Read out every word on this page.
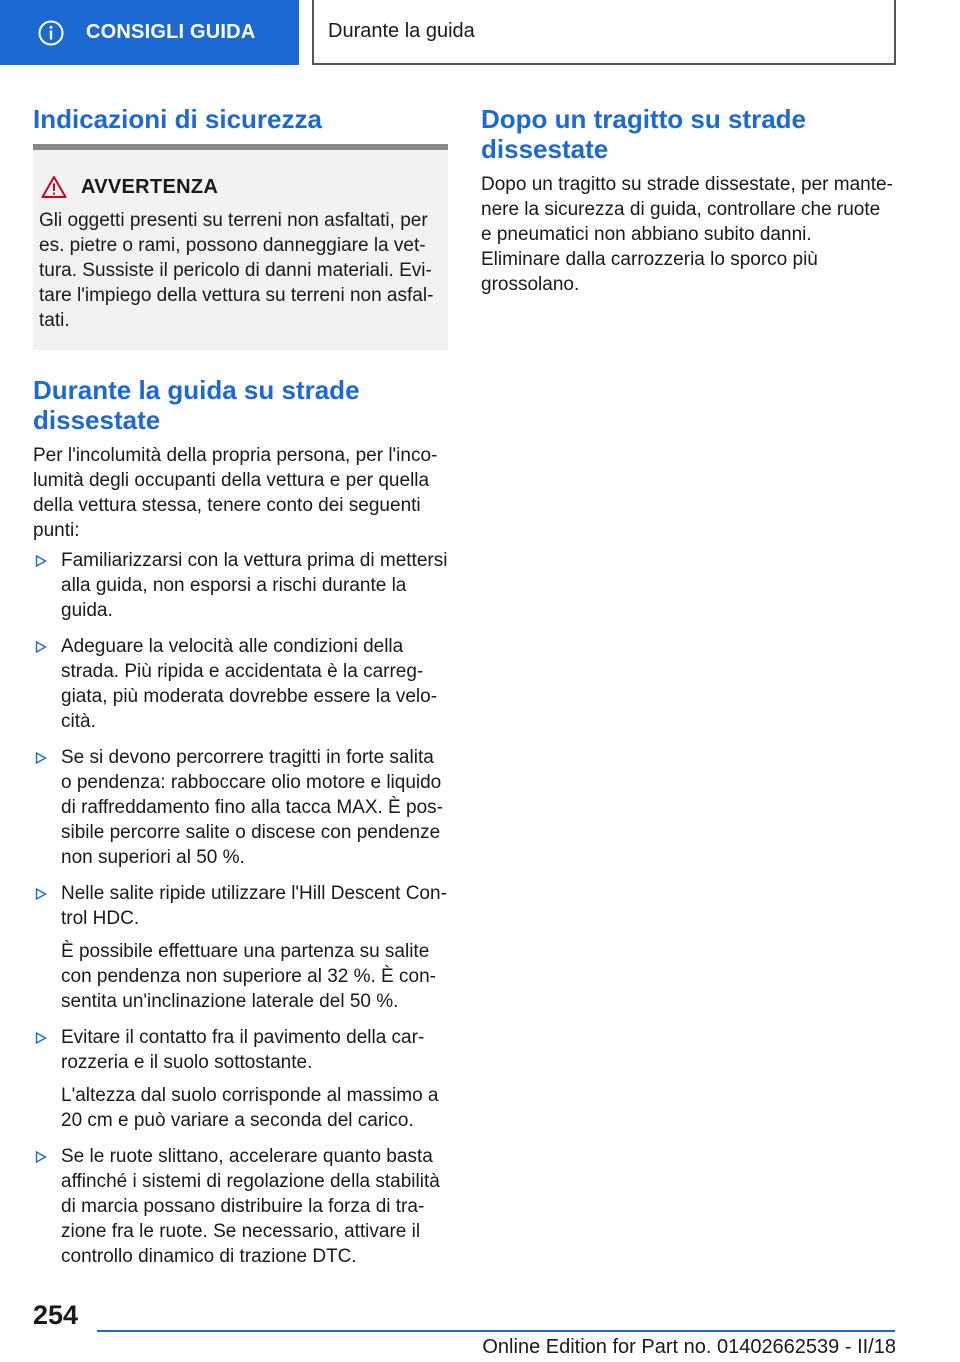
CONSIGLI GUIDA	Durante la guida
Indicazioni di sicurezza
AVVERTENZA
Gli oggetti presenti su terreni non asfaltati, per es. pietre o rami, possono danneggiare la vettura. Sussiste il pericolo di danni materiali. Evitare l'impiego della vettura su terreni non asfaltati.
Durante la guida su strade dissestate

Per l'incolumità della propria persona, per l'incolumità degli occupanti della vettura e per quella della vettura stessa, tenere conto dei seguenti punti:

Familiarizzarsi con la vettura prima di mettersi alla guida, non esporsi a rischi durante la guida.
Adeguare la velocità alle condizioni della strada. Più ripida e accidentata è la carreggiata, più moderata dovrebbe essere la velocità.
Se si devono percorrere tragitti in forte salita o pendenza: rabboccare olio motore e liquido di raffreddamento fino alla tacca MAX. È possibile percorre salite o discese con pendenze non superiori al 50 %.
Nelle salite ripide utilizzare l'Hill Descent Control HDC.
È possibile effettuare una partenza su salite con pendenza non superiore al 32 %. È consentita un'inclinazione laterale del 50 %.
Evitare il contatto fra il pavimento della carrozzeria e il suolo sottostante.
L'altezza dal suolo corrisponde al massimo a 20 cm e può variare a seconda del carico.
Se le ruote slittano, accelerare quanto basta affinché i sistemi di regolazione della stabilità di marcia possano distribuire la forza di trazione fra le ruote. Se necessario, attivare il controllo dinamico di trazione DTC.
Dopo un tragitto su strade dissestate

Dopo un tragitto su strade dissestate, per mantenere la sicurezza di guida, controllare che ruote e pneumatici non abbiano subito danni. Eliminare dalla carrozzeria lo sporco più grossolano.

254
Online Edition for Part no. 01402662539 - II/18
